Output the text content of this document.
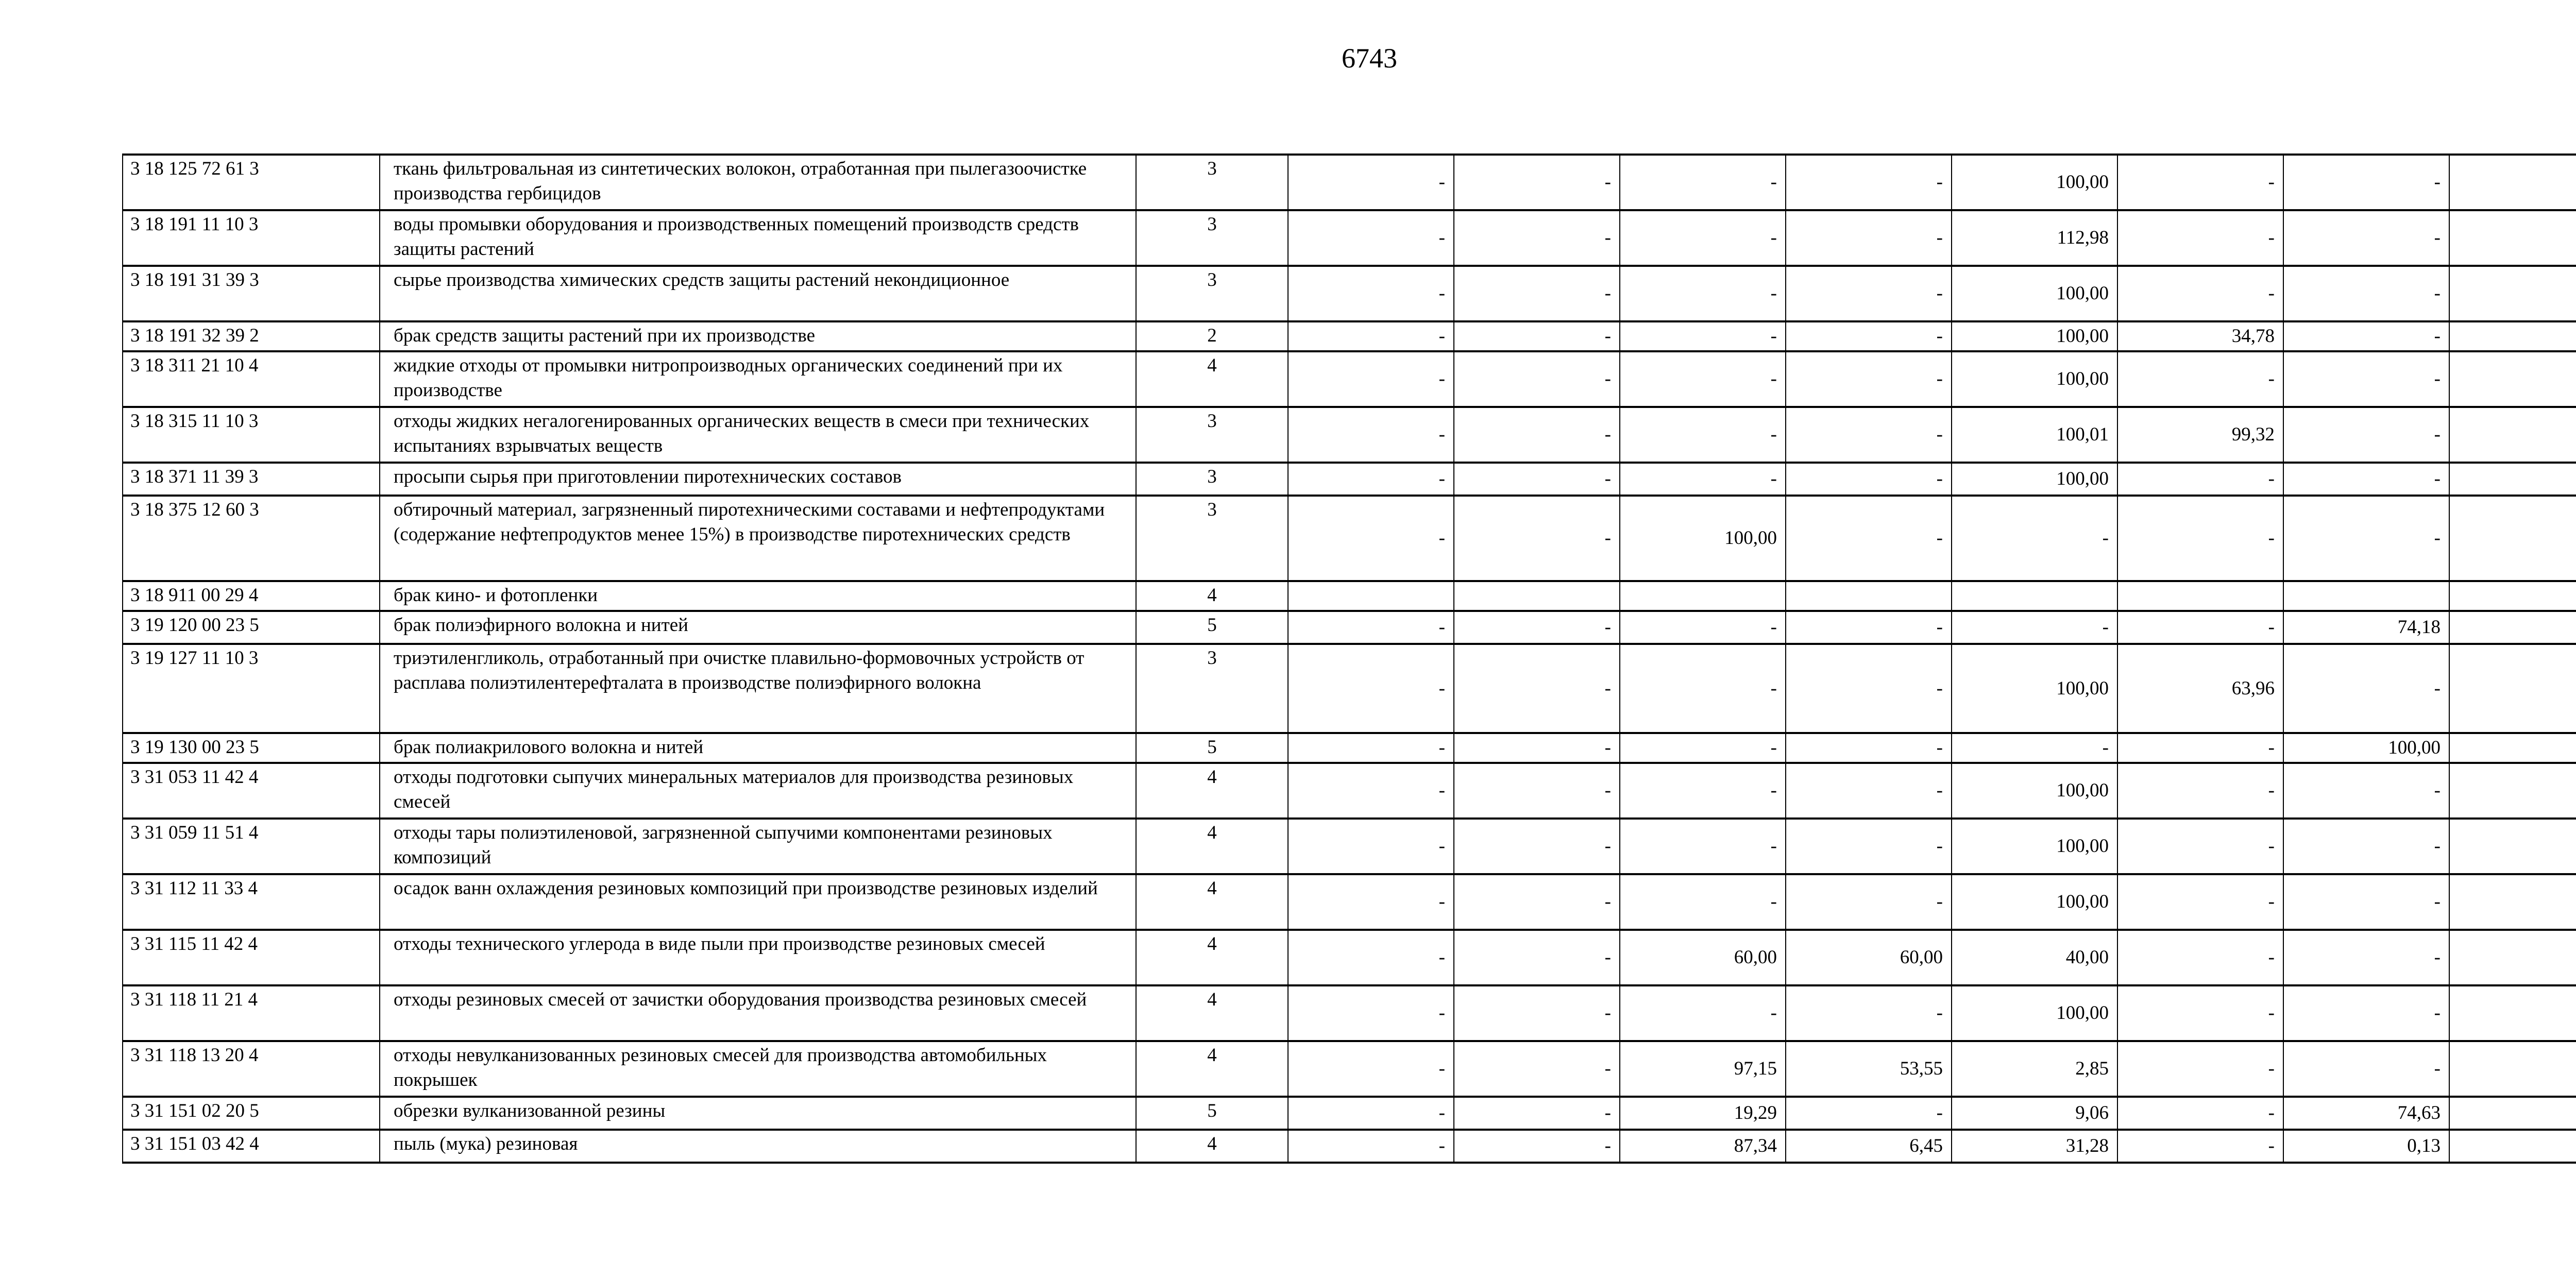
6743
3 18 125 72 61 3	ткань фильтровальная из синтетических волокон, отработанная при пылегазоочистке производства гербицидов	3	-	-	-	-	100,00	-	-	
3 18 191 11 10 3	воды промывки оборудования и производственных помещений производств средств защиты растений	3	-	-	-	-	112,98	-	-	
3 18 191 31 39 3	сырье производства химических средств защиты растений некондиционное	3	-	-	-	-	100,00	-	-	
3 18 191 32 39 2	брак средств защиты растений при их производстве	2	-	-	-	-	100,00	34,78	-	
3 18 311 21 10 4	жидкие отходы от промывки нитропроизводных органических соединений при их производстве	4	-	-	-	-	100,00	-	-	
3 18 315 11 10 3	отходы жидких негалогенированных органических веществ в смеси при технических испытаниях взрывчатых веществ	3	-	-	-	-	100,01	99,32	-	
3 18 371 11 39 3	просыпи сырья при приготовлении пиротехнических составов	3	-	-	-	-	100,00	-	-	
3 18 375 12 60 3	обтирочный материал, загрязненный пиротехническими составами и нефтепродуктами (содержание нефтепродуктов менее 15%) в производстве пиротехнических средств	3	-	-	100,00	-	-	-	-	
3 18 911 00 29 4	брак кино- и фотопленки	4								
3 19 120 00 23 5	брак полиэфирного волокна и нитей	5	-	-	-	-	-	-	74,18	
3 19 127 11 10 3	триэтиленгликоль, отработанный при очистке плавильно-формовочных устройств от расплава полиэтилентерефталата в производстве полиэфирного волокна	3	-	-	-	-	100,00	63,96	-	
3 19 130 00 23 5	брак полиакрилового волокна и нитей	5	-	-	-	-	-	-	100,00	
3 31 053 11 42 4	отходы подготовки сыпучих минеральных материалов для производства резиновых смесей	4	-	-	-	-	100,00	-	-	
3 31 059 11 51 4	отходы тары полиэтиленовой, загрязненной сыпучими компонентами резиновых композиций	4	-	-	-	-	100,00	-	-	
3 31 112 11 33 4	осадок ванн охлаждения резиновых композиций при производстве резиновых изделий	4	-	-	-	-	100,00	-	-	
3 31 115 11 42 4	отходы технического углерода в виде пыли при производстве резиновых смесей	4	-	-	60,00	60,00	40,00	-	-	
3 31 118 11 21 4	отходы резиновых смесей от зачистки оборудования производства резиновых смесей	4	-	-	-	-	100,00	-	-	
3 31 118 13 20 4	отходы невулканизованных резиновых смесей для производства автомобильных покрышек	4	-	-	97,15	53,55	2,85	-	-	
3 31 151 02 20 5	обрезки вулканизованной резины	5	-	-	19,29	-	9,06	-	74,63	
3 31 151 03 42 4	пыль (мука) резиновая	4	-	-	87,34	6,45	31,28	-	0,13	
